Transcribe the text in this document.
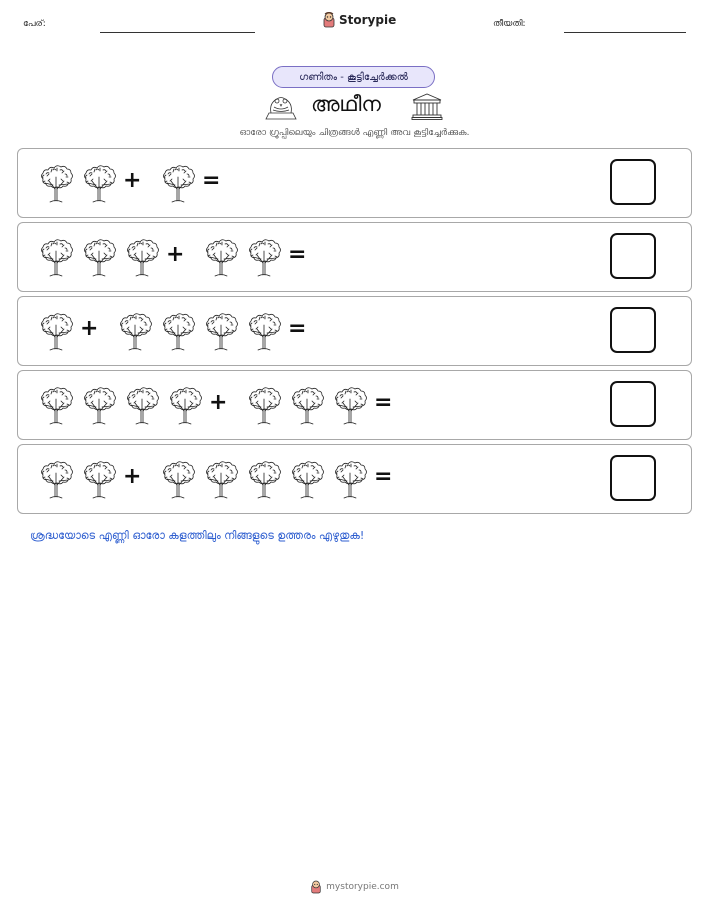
പേര്:	Storypie	തീയതി:
ഗണിതം - കൂട്ടിച്ചേർക്കൽ
അഥീന
ഓരോ ഗ്രൂപ്പിലെയും ചിത്രങ്ങൾ എണ്ണി അവ കൂട്ടിച്ചേർക്കുക.
+	=
+	=
+	=
+	=
+	=
ശ്രദ്ധയോടെ എണ്ണി ഓരോ കളത്തിലും നിങ്ങളുടെ ഉത്തരം എഴുതുക!
mystorypie.com
